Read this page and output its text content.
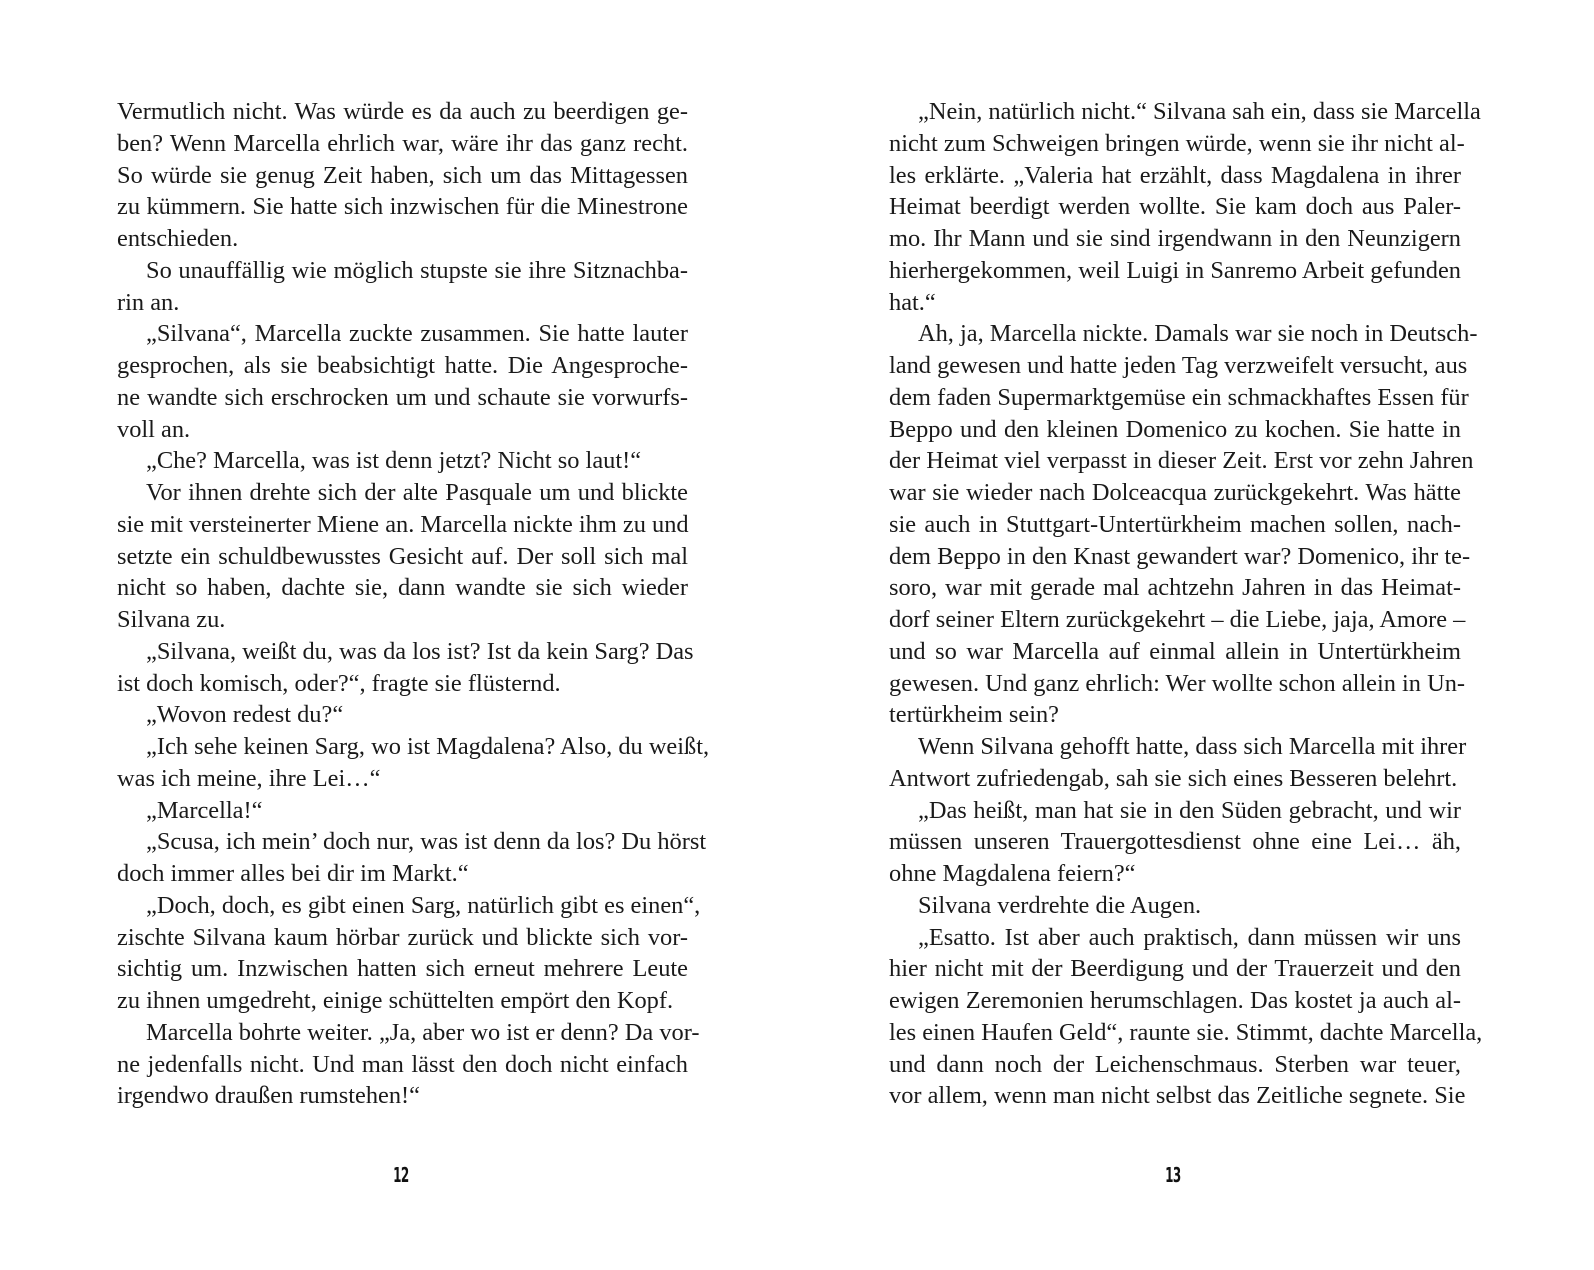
Vermutlich nicht. Was würde es da auch zu beerdigen ge-
ben? Wenn Marcella ehrlich war, wäre ihr das ganz recht.
So würde sie genug Zeit haben, sich um das Mittagessen
zu kümmern. Sie hatte sich inzwischen für die Minestrone
entschieden.
So unauffällig wie möglich stupste sie ihre Sitznachba-
rin an.
„Silvana“, Marcella zuckte zusammen. Sie hatte lauter
gesprochen, als sie beabsichtigt hatte. Die Angesproche-
ne wandte sich erschrocken um und schaute sie vorwurfs-
voll an.
„Che? Marcella, was ist denn jetzt? Nicht so laut!“
Vor ihnen drehte sich der alte Pasquale um und blickte
sie mit versteinerter Miene an. Marcella nickte ihm zu und
setzte ein schuldbewusstes Gesicht auf. Der soll sich mal
nicht so haben, dachte sie, dann wandte sie sich wieder
Silvana zu.
„Silvana, weißt du, was da los ist? Ist da kein Sarg? Das
ist doch komisch, oder?“, fragte sie flüsternd.
„Wovon redest du?“
„Ich sehe keinen Sarg, wo ist Magdalena? Also, du weißt,
was ich meine, ihre Lei…“
„Marcella!“
„Scusa, ich mein’ doch nur, was ist denn da los? Du hörst
doch immer alles bei dir im Markt.“
„Doch, doch, es gibt einen Sarg, natürlich gibt es einen“,
zischte Silvana kaum hörbar zurück und blickte sich vor-
sichtig um. Inzwischen hatten sich erneut mehrere Leute
zu ihnen umgedreht, einige schüttelten empört den Kopf.
Marcella bohrte weiter. „Ja, aber wo ist er denn? Da vor-
ne jedenfalls nicht. Und man lässt den doch nicht einfach
irgendwo draußen rumstehen!“
„Nein, natürlich nicht.“ Silvana sah ein, dass sie Marcella
nicht zum Schweigen bringen würde, wenn sie ihr nicht al-
les erklärte. „Valeria hat erzählt, dass Magdalena in ihrer
Heimat beerdigt werden wollte. Sie kam doch aus Paler-
mo. Ihr Mann und sie sind irgendwann in den Neunzigern
hierhergekommen, weil Luigi in Sanremo Arbeit gefunden
hat.“
Ah, ja, Marcella nickte. Damals war sie noch in Deutsch-
land gewesen und hatte jeden Tag verzweifelt versucht, aus
dem faden Supermarktgemüse ein schmackhaftes Essen für
Beppo und den kleinen Domenico zu kochen. Sie hatte in
der Heimat viel verpasst in dieser Zeit. Erst vor zehn Jahren
war sie wieder nach Dolceacqua zurückgekehrt. Was hätte
sie auch in Stuttgart-Untertürkheim machen sollen, nach-
dem Beppo in den Knast gewandert war? Domenico, ihr te-
soro, war mit gerade mal achtzehn Jahren in das Heimat-
dorf seiner Eltern zurückgekehrt – die Liebe, jaja, Amore –
und so war Marcella auf einmal allein in Untertürkheim
gewesen. Und ganz ehrlich: Wer wollte schon allein in Un-
tertürkheim sein?
Wenn Silvana gehofft hatte, dass sich Marcella mit ihrer
Antwort zufriedengab, sah sie sich eines Besseren belehrt.
„Das heißt, man hat sie in den Süden gebracht, und wir
müssen unseren Trauergottesdienst ohne eine Lei… äh,
ohne Magdalena feiern?“
Silvana verdrehte die Augen.
„Esatto. Ist aber auch praktisch, dann müssen wir uns
hier nicht mit der Beerdigung und der Trauerzeit und den
ewigen Zeremonien herumschlagen. Das kostet ja auch al-
les einen Haufen Geld“, raunte sie. Stimmt, dachte Marcella,
und dann noch der Leichenschmaus. Sterben war teuer,
vor allem, wenn man nicht selbst das Zeitliche segnete. Sie
12	13
